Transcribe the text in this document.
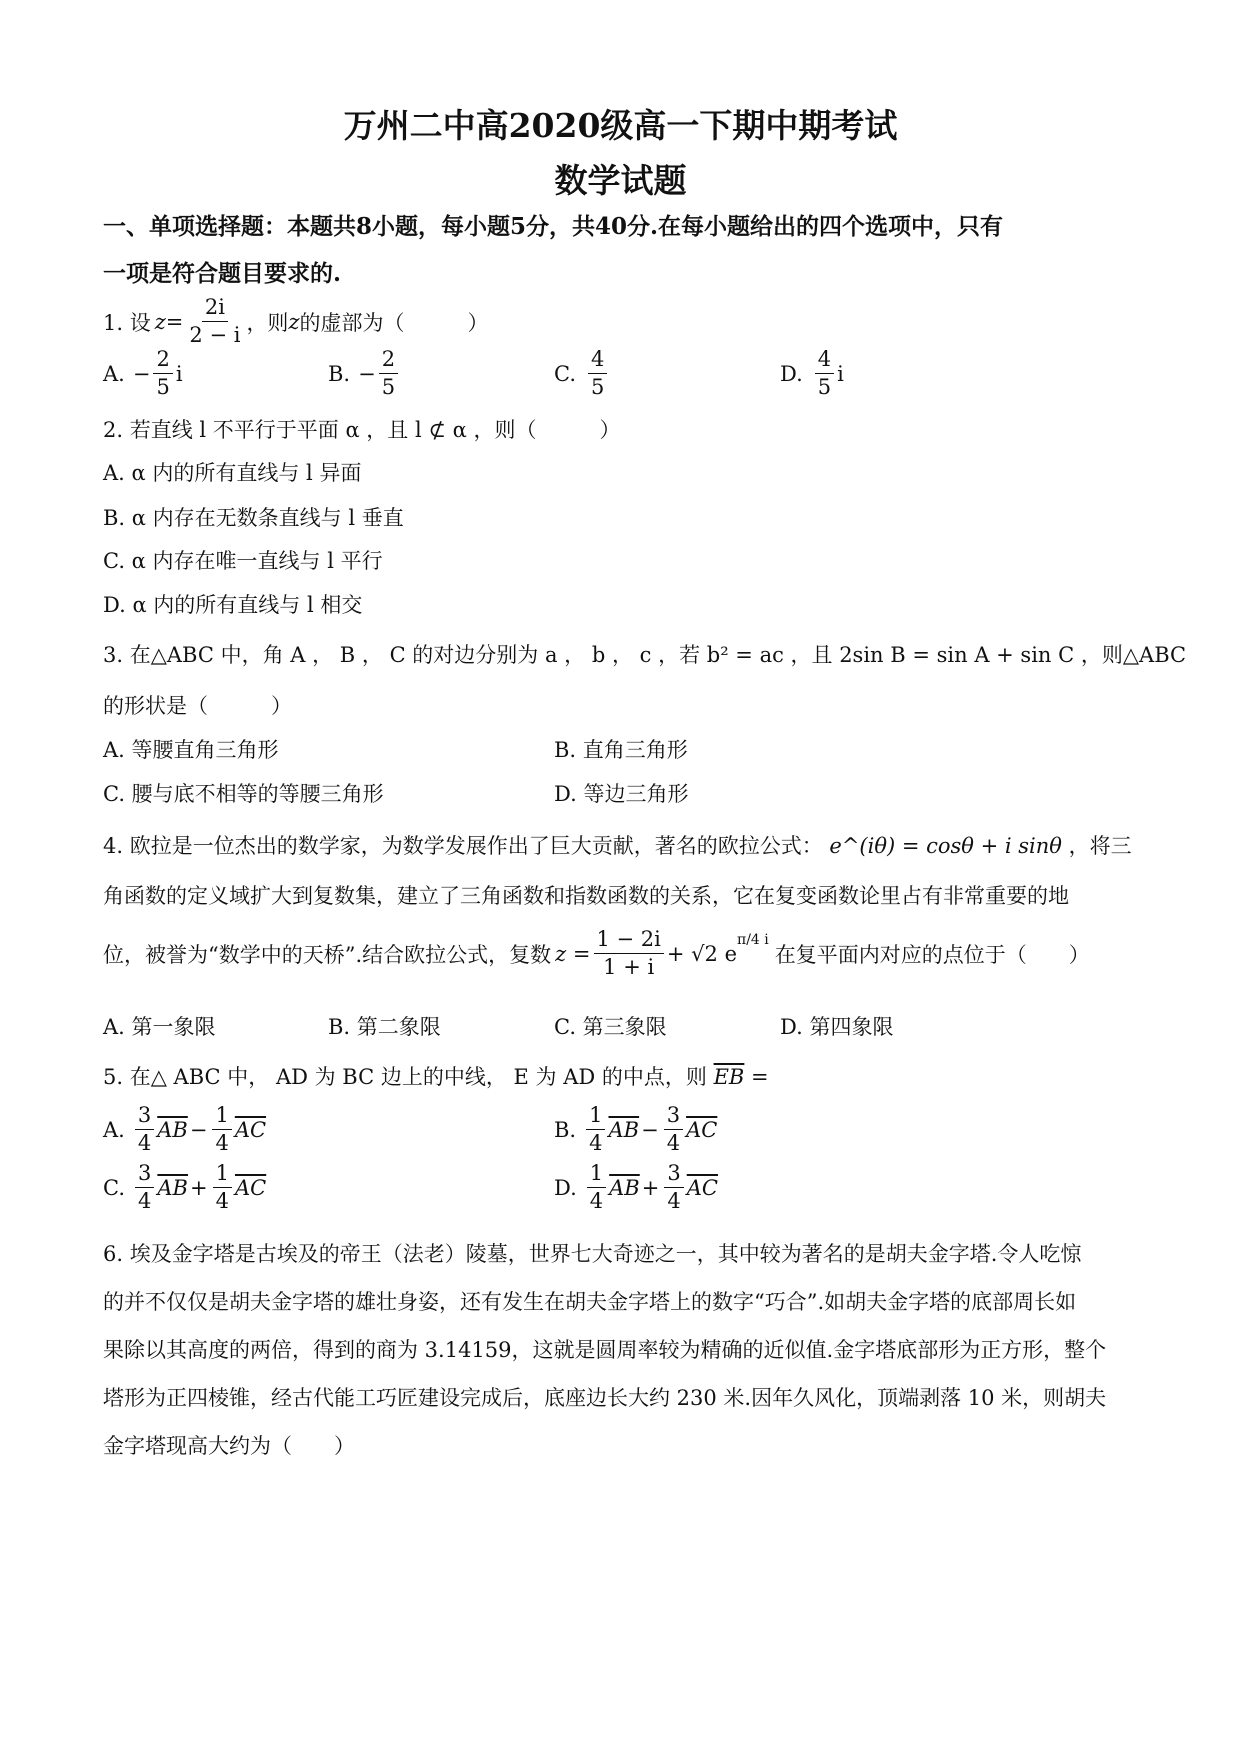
万州二中高2020级高一下期中期考试
数学试题
一、单项选择题：本题共8小题，每小题5分，共40分.在每小题给出的四个选项中，只有
一项是符合题目要求的.
1. 设 $z = \frac{2i}{2 - i}$ ，则 z 的虚部为（　　　）
A. − $\frac{2}{5}$ i	B. − $\frac{2}{5}$	C. $\frac{4}{5}$	D. $\frac{4}{5}$ i
2. 若直线 l 不平行于平面 α ，且 l ⊄ α ，则（　　　）
A. α 内的所有直线与 l 异面
B. α 内存在无数条直线与 l 垂直
C. α 内存在唯一直线与 l 平行
D. α 内的所有直线与 l 相交
3. 在△ABC 中，角 A ， B ， C 的对边分别为 a ， b ， c ，若 b² = ac ，且 2sin B = sin A + sin C ，则△ABC
的形状是（　　　）
A. 等腰直角三角形	B. 直角三角形
C. 腰与底不相等的等腰三角形	D. 等边三角形
4. 欧拉是一位杰出的数学家，为数学发展作出了巨大贡献，著名的欧拉公式： e^(iθ) = cosθ + i sinθ ，将三
角函数的定义域扩大到复数集，建立了三角函数和指数函数的关系，它在复变函数论里占有非常重要的地
位，被誉为“数学中的天桥”.结合欧拉公式，复数 $z = \frac{1 - 2i}{1 + i} + √2$ e
$^{\pi/4 i}$
在复平面内对应的点位于（　　）
A. 第一象限	B. 第二象限	C. 第三象限	D. 第四象限
5. 在△ ABC 中， AD 为 BC 边上的中线， E 为 AD 的中点，则 $\overline{EB}$ =
A. $\frac{3}{4} \overline{AB} - \frac{1}{4} \overline{AC}$	B. $\frac{1}{4} \overline{AB} - \frac{3}{4} \overline{AC}$
C. $\frac{3}{4} \overline{AB} + \frac{1}{4} \overline{AC}$	D. $\frac{1}{4} \overline{AB} + \frac{3}{4} \overline{AC}$
6. 埃及金字塔是古埃及的帝王（法老）陵墓，世界七大奇迹之一，其中较为著名的是胡夫金字塔.令人吃惊
的并不仅仅是胡夫金字塔的雄壮身姿，还有发生在胡夫金字塔上的数字“巧合”.如胡夫金字塔的底部周长如
果除以其高度的两倍，得到的商为 3.14159，这就是圆周率较为精确的近似值.金字塔底部形为正方形，整个
塔形为正四棱锥，经古代能工巧匠建设完成后，底座边长大约 230 米.因年久风化，顶端剥落 10 米，则胡夫
金字塔现高大约为（　　）
